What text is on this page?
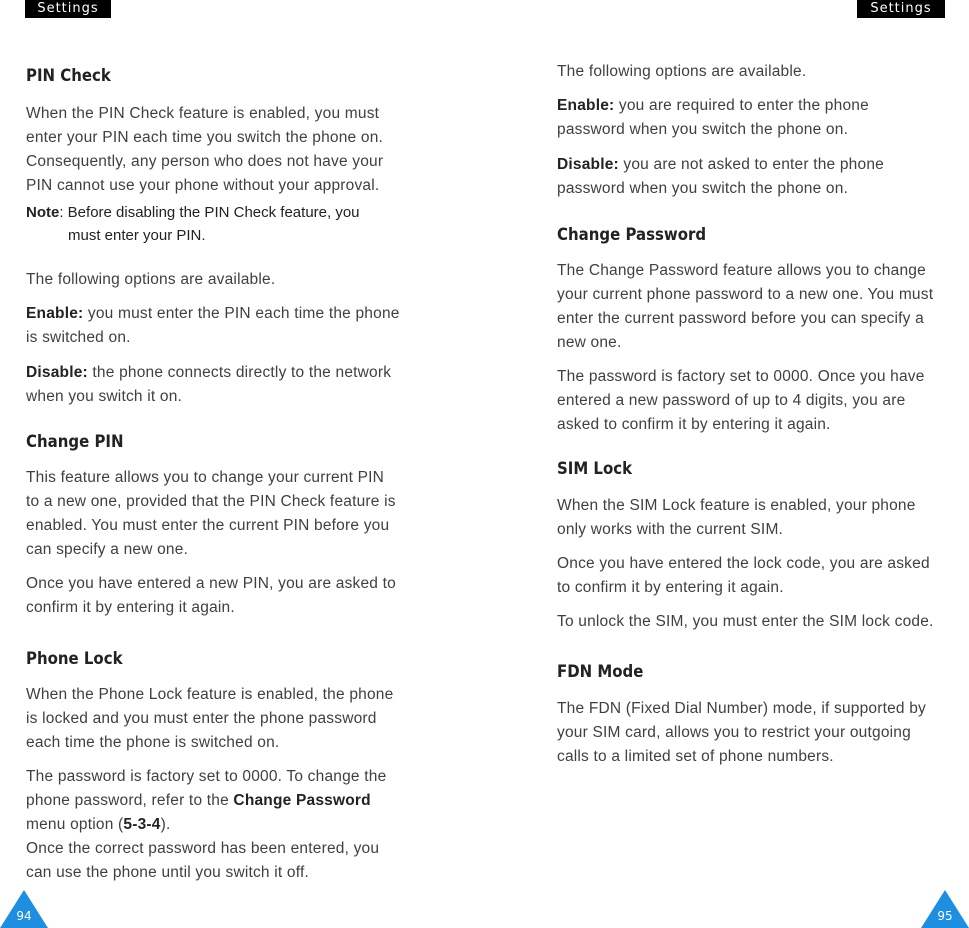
Settings	Settings
PIN Check

When the PIN Check feature is enabled, you must

enter your PIN each time you switch the phone on.

Consequently, any person who does not have your

PIN cannot use your phone without your approval.

Note: Before disabling the PIN Check feature, you

must enter your PIN.

The following options are available.

Enable: you must enter the PIN each time the phone

is switched on.

Disable: the phone connects directly to the network

when you switch it on.

Change PIN

This feature allows you to change your current PIN

to a new one, provided that the PIN Check feature is

enabled. You must enter the current PIN before you

can specify a new one.

Once you have entered a new PIN, you are asked to

confirm it by entering it again.

Phone Lock

When the Phone Lock feature is enabled, the phone

is locked and you must enter the phone password

each time the phone is switched on.

The password is factory set to 0000. To change the

phone password, refer to the Change Password

menu option (5-3-4).

Once the correct password has been entered, you

can use the phone until you switch it off.

The following options are available.

Enable: you are required to enter the phone

password when you switch the phone on.

Disable: you are not asked to enter the phone

password when you switch the phone on.

Change Password

The Change Password feature allows you to change

your current phone password to a new one. You must

enter the current password before you can specify a

new one.

The password is factory set to 0000. Once you have

entered a new password of up to 4 digits, you are

asked to confirm it by entering it again.

SIM Lock

When the SIM Lock feature is enabled, your phone

only works with the current SIM.

Once you have entered the lock code, you are asked

to confirm it by entering it again.

To unlock the SIM, you must enter the SIM lock code.

FDN Mode

The FDN (Fixed Dial Number) mode, if supported by

your SIM card, allows you to restrict your outgoing

calls to a limited set of phone numbers.

94	95
